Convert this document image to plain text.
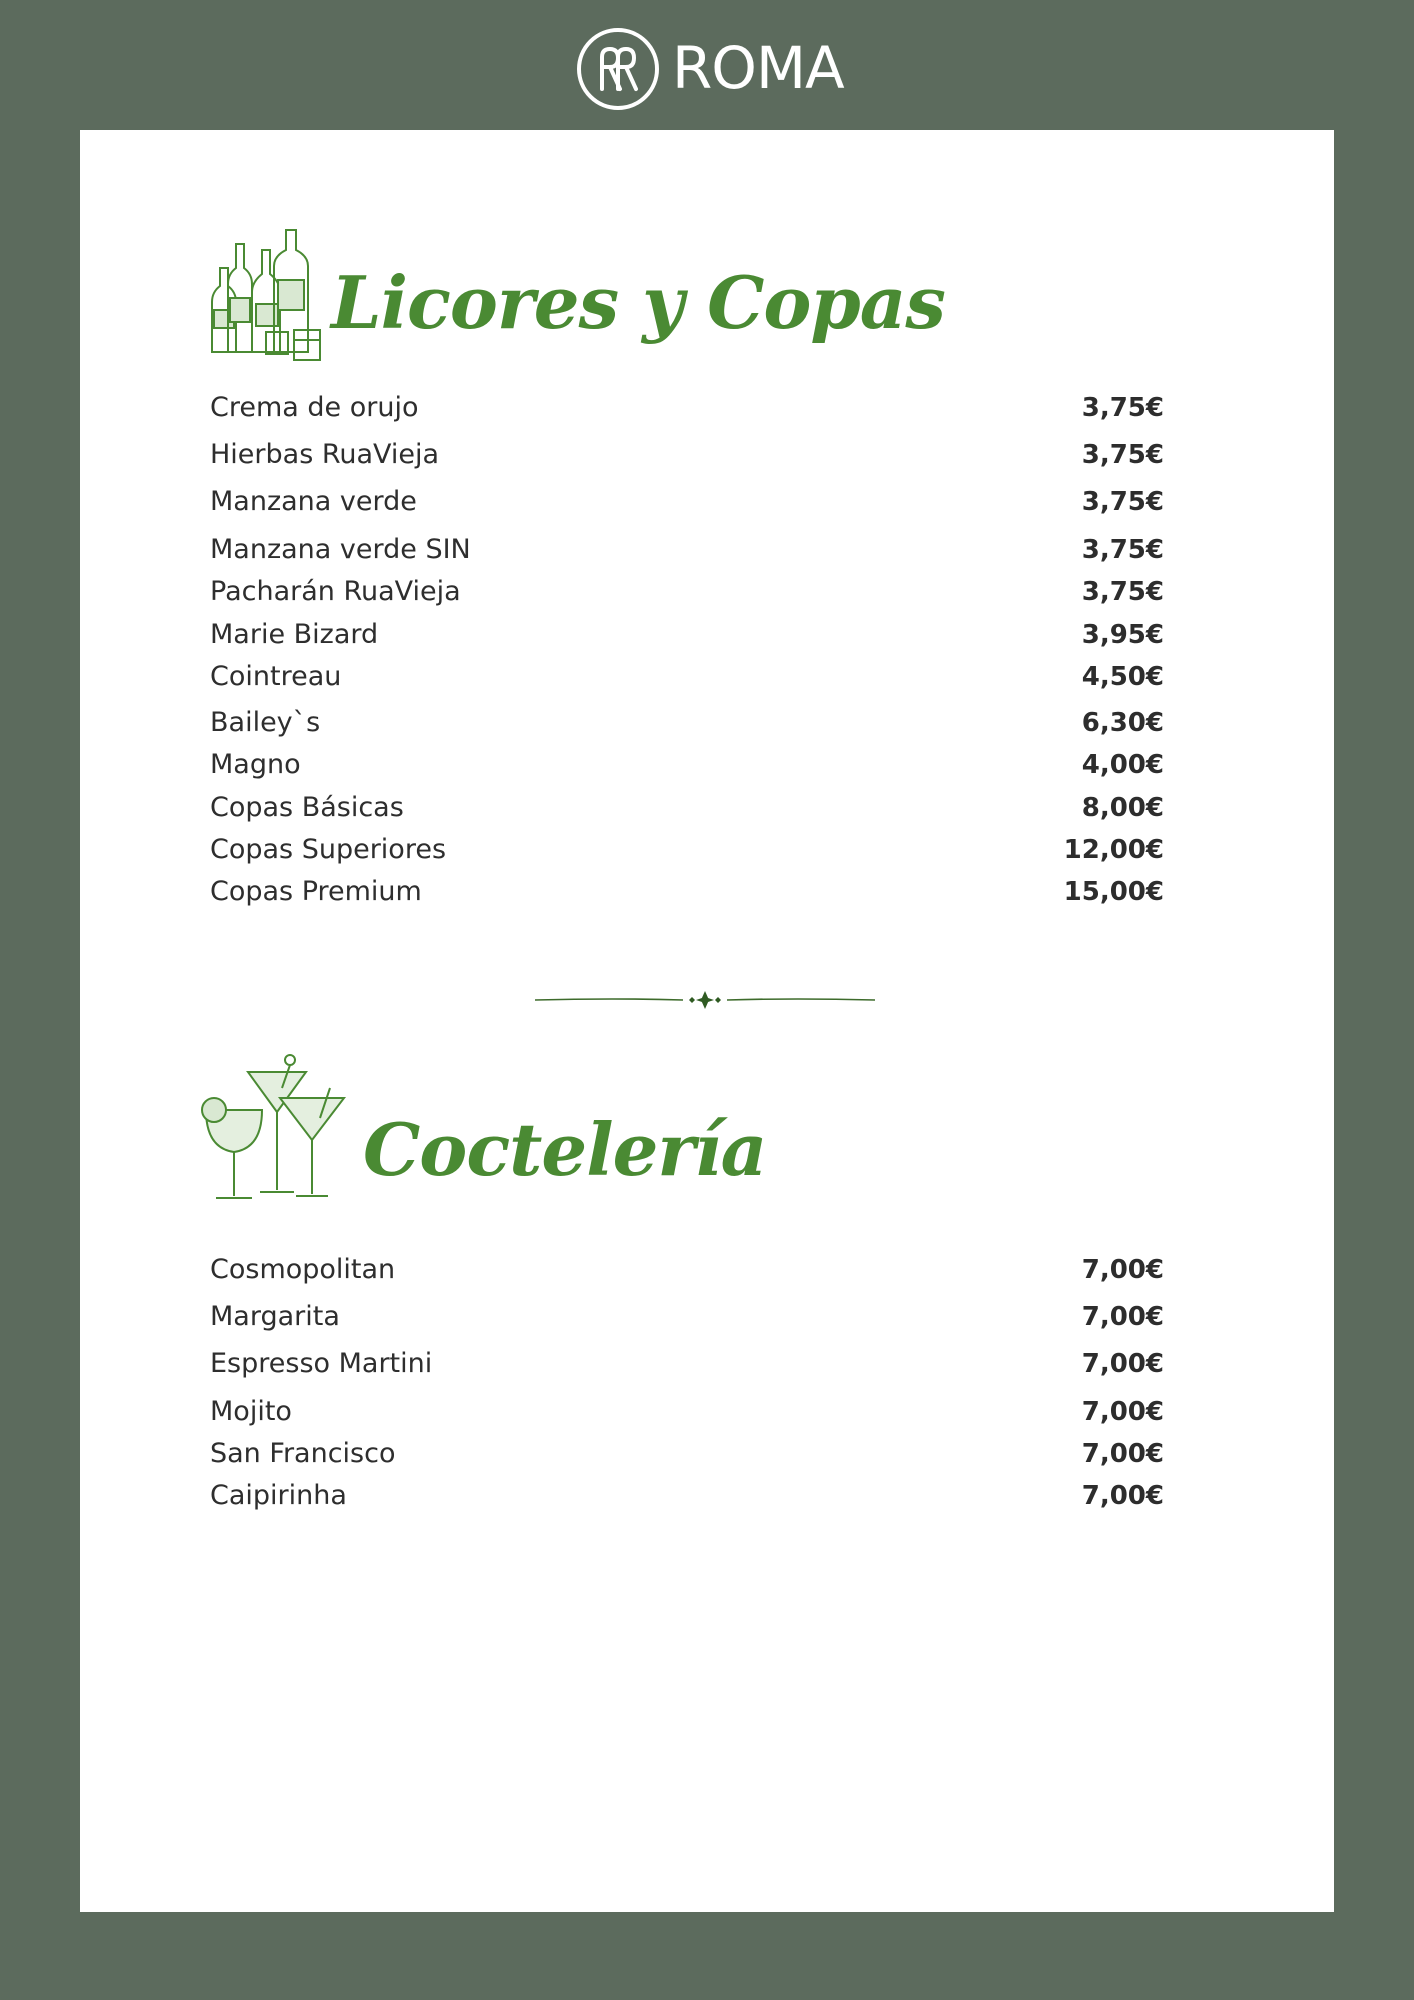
ROMA
Licores y Copas
Crema de orujo	3,75€
Hierbas RuaVieja	3,75€
Manzana verde	3,75€
Manzana verde SIN	3,75€
Pacharán RuaVieja	3,75€
Marie Bizard	3,95€
Cointreau	4,50€
Bailey`s	6,30€
Magno	4,00€
Copas Básicas	8,00€
Copas Superiores	12,00€
Copas Premium	15,00€
Coctelería
Cosmopolitan	7,00€
Margarita	7,00€
Espresso Martini	7,00€
Mojito	7,00€
San Francisco	7,00€
Caipirinha	7,00€
